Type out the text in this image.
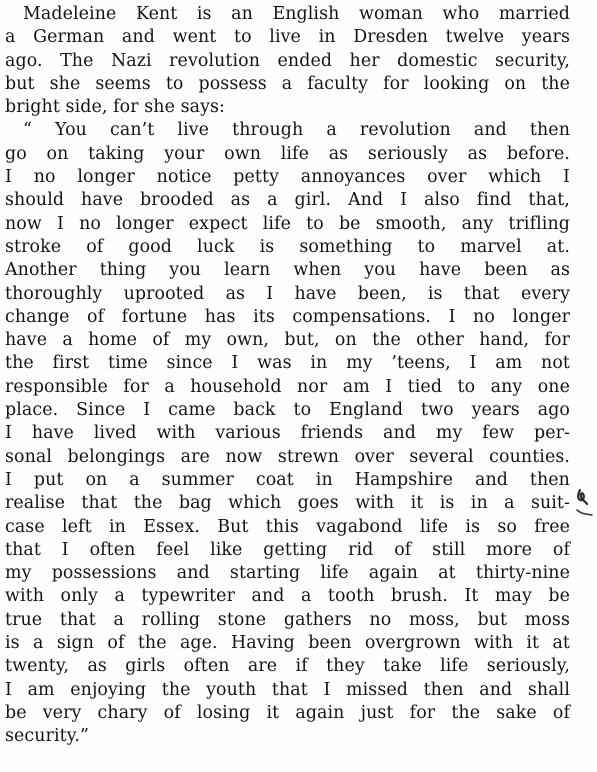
Madeleine Kent is an English woman who married
a German and went to live in Dresden twelve years
ago. The Nazi revolution ended her domestic security,
but she seems to possess a faculty for looking on the
bright side, for she says:
“ You can’t live through a revolution and then
go on taking your own life as seriously as before.
I no longer notice petty annoyances over which I
should have brooded as a girl. And I also find that,
now I no longer expect life to be smooth, any trifling
stroke of good luck is something to marvel at.
Another thing you learn when you have been as
thoroughly uprooted as I have been, is that every
change of fortune has its compensations. I no longer
have a home of my own, but, on the other hand, for
the first time since I was in my ’teens, I am not
responsible for a household nor am I tied to any one
place. Since I came back to England two years ago
I have lived with various friends and my few per-
sonal belongings are now strewn over several counties.
I put on a summer coat in Hampshire and then
realise that the bag which goes with it is in a suit-
case left in Essex. But this vagabond life is so free
that I often feel like getting rid of still more of
my possessions and starting life again at thirty-nine
with only a typewriter and a tooth brush. It may be
true that a rolling stone gathers no moss, but moss
is a sign of the age. Having been overgrown with it at
twenty, as girls often are if they take life seriously,
I am enjoying the youth that I missed then and shall
be very chary of losing it again just for the sake of
security.”
